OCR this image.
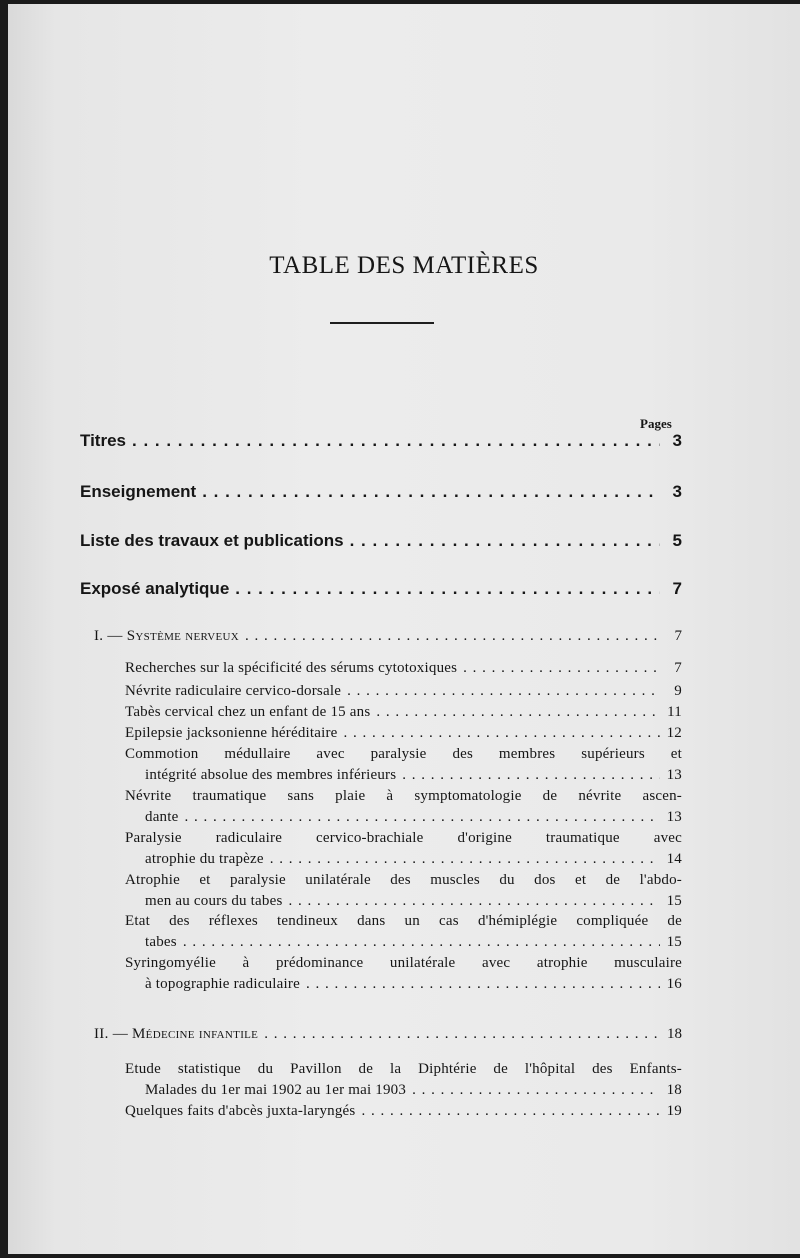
TABLE DES MATIÈRES
Pages
Titres . . .	3
Enseignement . . .	3
Liste des travaux et publications . . .	5
Exposé analytique . . .	7
I. — Système nerveux . . .	7
Recherches sur la spécificité des sérums cytotoxiques . . .	7
Névrite radiculaire cervico-dorsale . . .	9
Tabès cervical chez un enfant de 15 ans . . .	11
Epilepsie jacksonienne héréditaire . . .	12
Commotion médullaire avec paralysie des membres supérieurs et
intégrité absolue des membres inférieurs . . .	13
Névrite traumatique sans plaie à symptomatologie de névrite ascen-
dante . . .	13
Paralysie radiculaire cervico-brachiale d'origine traumatique avec
atrophie du trapèze . . .	14
Atrophie et paralysie unilatérale des muscles du dos et de l'abdo-
men au cours du tabes . . .	15
Etat des réflexes tendineux dans un cas d'hémiplégie compliquée de
tabes . . .	15
Syringomyélie à prédominance unilatérale avec atrophie musculaire
à topographie radiculaire . . .	16
II. — Médecine infantile . . .	18
Etude statistique du Pavillon de la Diphtérie de l'hôpital des Enfants-
Malades du 1er mai 1902 au 1er mai 1903 . . .	18
Quelques faits d'abcès juxta-laryngés . . .	19
